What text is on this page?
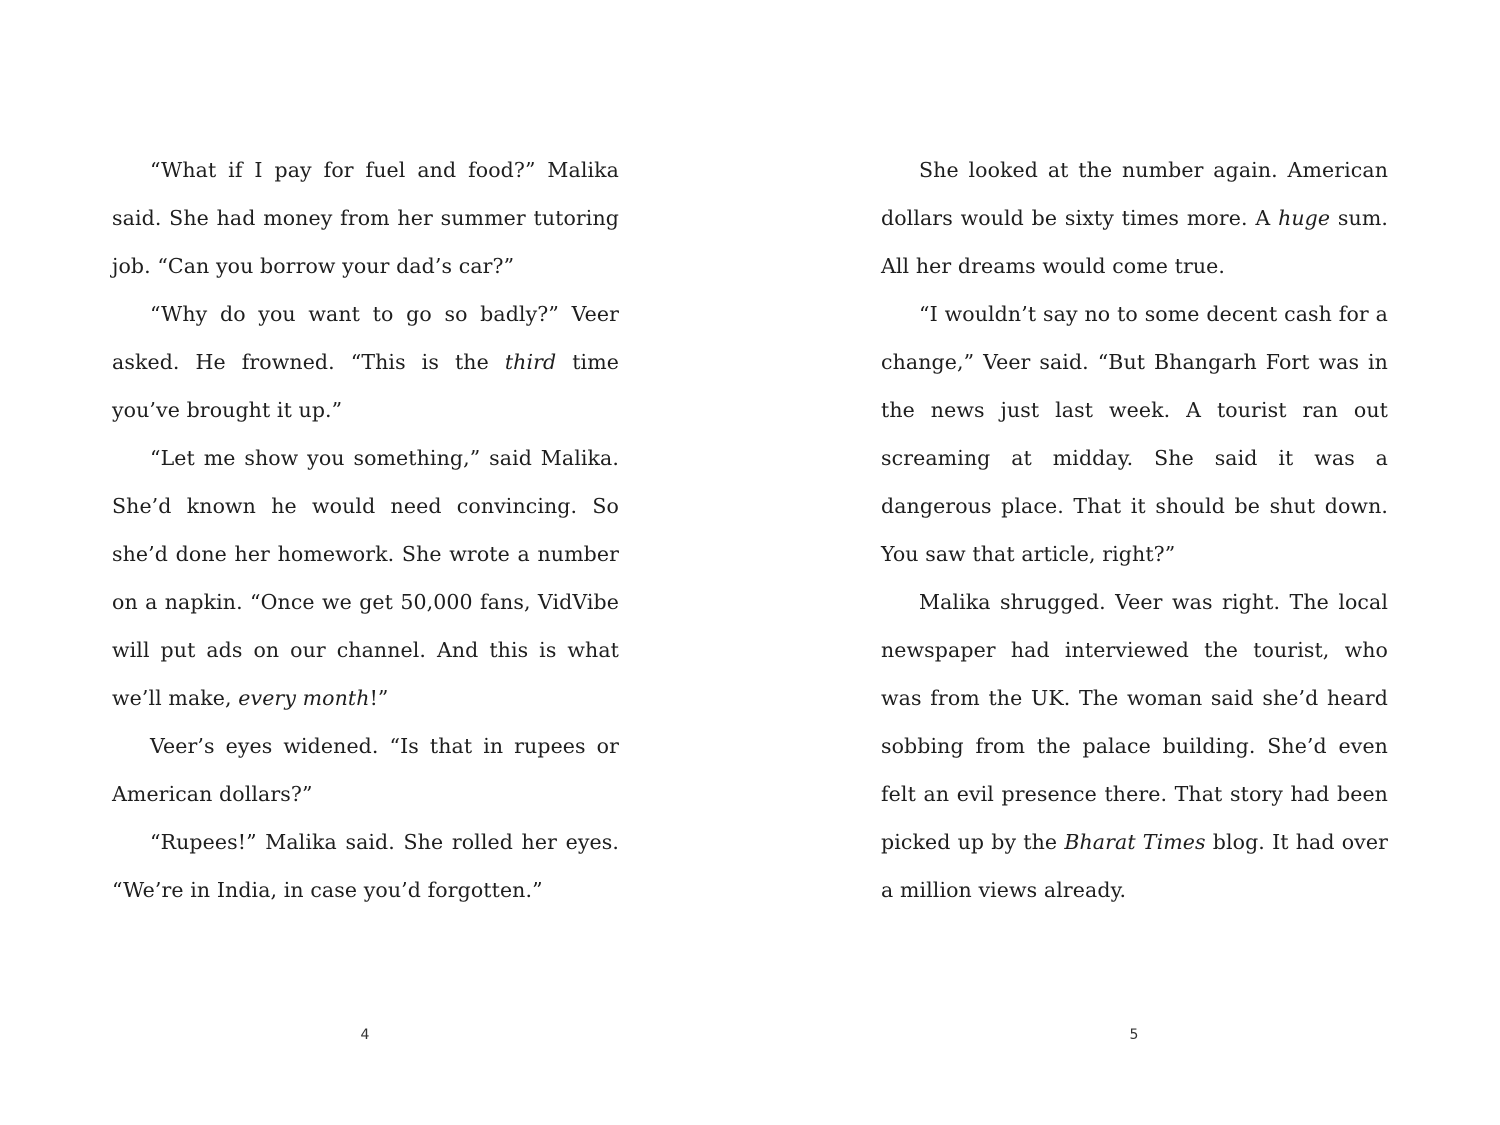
“What if I pay for fuel and food?” Malika said. She had money from her summer tutoring job. “Can you borrow your dad’s car?”

“Why do you want to go so badly?” Veer asked. He frowned. “This is the third time you’ve brought it up.”

“Let me show you something,” said Malika. She’d known he would need convincing. So she’d done her homework. She wrote a number on a napkin. “Once we get 50,000 fans, VidVibe will put ads on our channel. And this is what we’ll make, every month!”

Veer’s eyes widened. “Is that in rupees or American dollars?”

“Rupees!” Malika said. She rolled her eyes. “We’re in India, in case you’d forgotten.”

4

She looked at the number again. American dollars would be sixty times more. A huge sum. All her dreams would come true.

“I wouldn’t say no to some decent cash for a change,” Veer said. “But Bhangarh Fort was in the news just last week. A tourist ran out screaming at midday. She said it was a dangerous place. That it should be shut down. You saw that article, right?”

Malika shrugged. Veer was right. The local newspaper had interviewed the tourist, who was from the UK. The woman said she’d heard sobbing from the palace building. She’d even felt an evil presence there. That story had been picked up by the Bharat Times blog. It had over a million views already.

5
